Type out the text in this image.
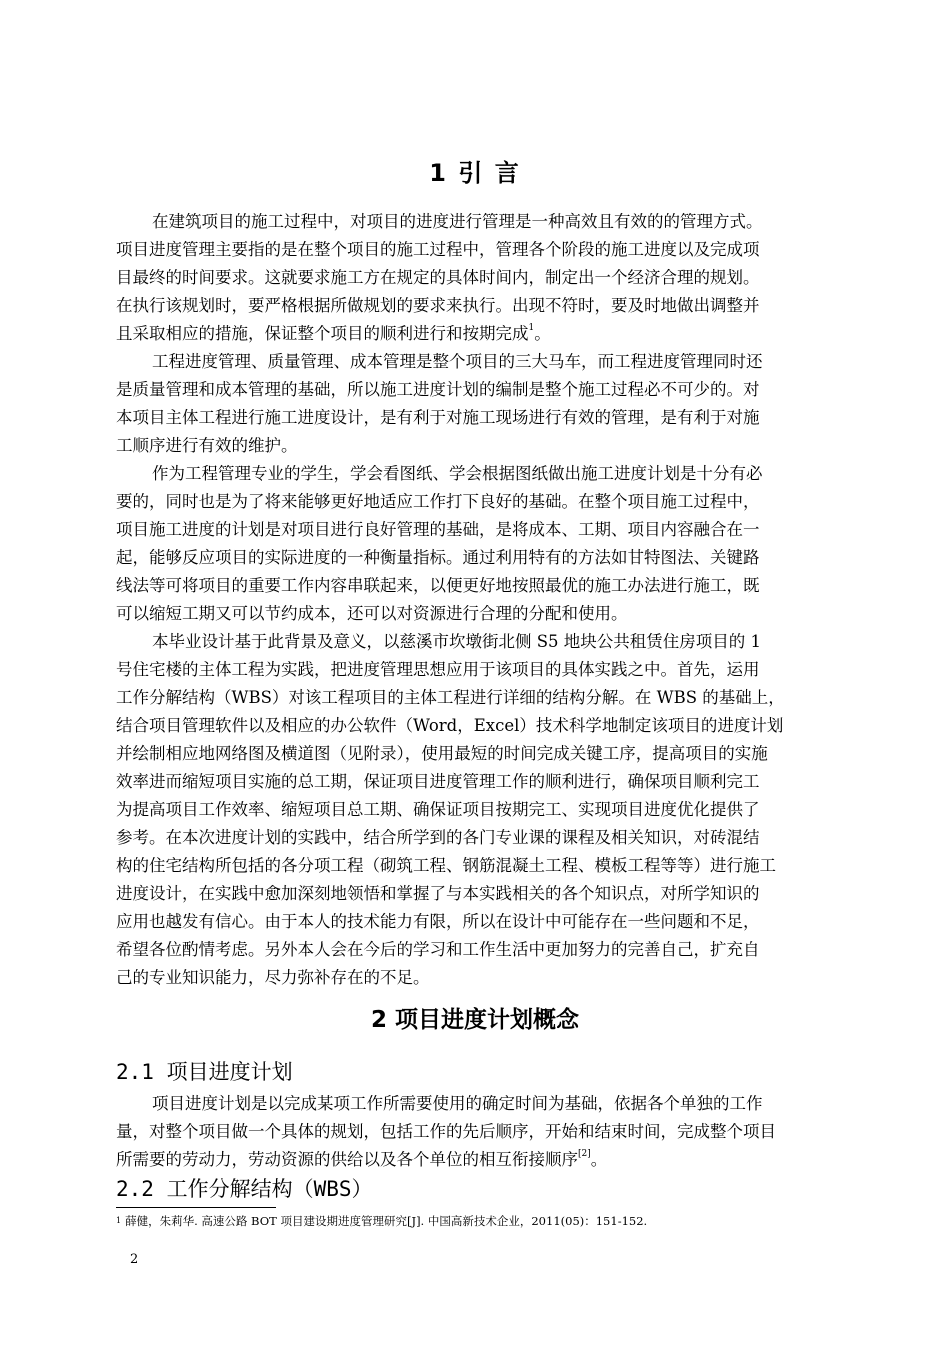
1 引 言

在建筑项目的施工过程中，对项目的进度进行管理是一种高效且有效的的管理方式。

项目进度管理主要指的是在整个项目的施工过程中，管理各个阶段的施工进度以及完成项

目最终的时间要求。这就要求施工方在规定的具体时间内，制定出一个经济合理的规划。

在执行该规划时，要严格根据所做规划的要求来执行。出现不符时，要及时地做出调整并

且采取相应的措施，保证整个项目的顺利进行和按期完成$^1$。

工程进度管理、质量管理、成本管理是整个项目的三大马车，而工程进度管理同时还

是质量管理和成本管理的基础，所以施工进度计划的编制是整个施工过程必不可少的。对

本项目主体工程进行施工进度设计，是有利于对施工现场进行有效的管理，是有利于对施

工顺序进行有效的维护。

作为工程管理专业的学生，学会看图纸、学会根据图纸做出施工进度计划是十分有必

要的，同时也是为了将来能够更好地适应工作打下良好的基础。在整个项目施工过程中，

项目施工进度的计划是对项目进行良好管理的基础，是将成本、工期、项目内容融合在一

起，能够反应项目的实际进度的一种衡量指标。通过利用特有的方法如甘特图法、关键路

线法等可将项目的重要工作内容串联起来，以便更好地按照最优的施工办法进行施工，既

可以缩短工期又可以节约成本，还可以对资源进行合理的分配和使用。

本毕业设计基于此背景及意义，以慈溪市坎墩街北侧 S5 地块公共租赁住房项目的 1

号住宅楼的主体工程为实践，把进度管理思想应用于该项目的具体实践之中。首先，运用

工作分解结构（WBS）对该工程项目的主体工程进行详细的结构分解。在 WBS 的基础上，

结合项目管理软件以及相应的办公软件（Word，Excel）技术科学地制定该项目的进度计划

并绘制相应地网络图及横道图（见附录），使用最短的时间完成关键工序，提高项目的实施

效率进而缩短项目实施的总工期，保证项目进度管理工作的顺利进行，确保项目顺利完工

为提高项目工作效率、缩短项目总工期、确保证项目按期完工、实现项目进度优化提供了

参考。在本次进度计划的实践中，结合所学到的各门专业课的课程及相关知识，对砖混结

构的住宅结构所包括的各分项工程（砌筑工程、钢筋混凝土工程、模板工程等等）进行施工

进度设计，在实践中愈加深刻地领悟和掌握了与本实践相关的各个知识点，对所学知识的

应用也越发有信心。由于本人的技术能力有限，所以在设计中可能存在一些问题和不足，

希望各位酌情考虑。另外本人会在今后的学习和工作生活中更加努力的完善自己，扩充自

己的专业知识能力，尽力弥补存在的不足。

2 项目进度计划概念
2.1 项目进度计划

项目进度计划是以完成某项工作所需要使用的确定时间为基础，依据各个单独的工作

量，对整个项目做一个具体的规划，包括工作的先后顺序，开始和结束时间，完成整个项目

所需要的劳动力，劳动资源的供给以及各个单位的相互衔接顺序[2]。

2.2 工作分解结构（WBS）
$^1$ 薛健，朱莉华. 高速公路 BOT 项目建设期进度管理研究[J]. 中国高新技术企业，2011(05)：151-152.
2
